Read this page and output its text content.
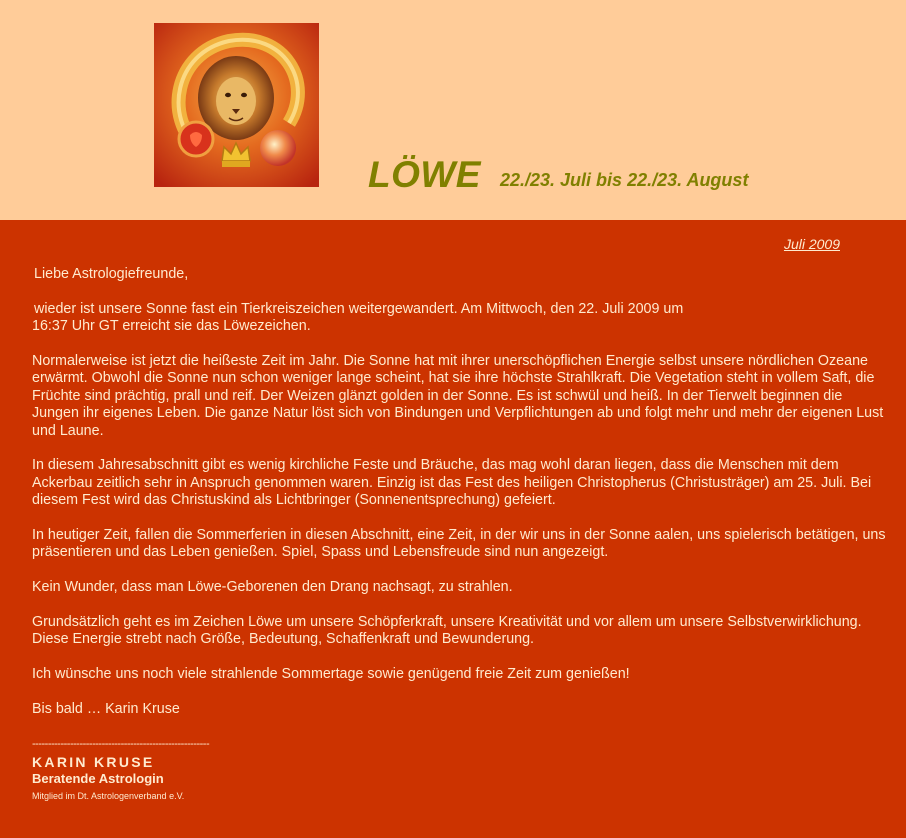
LÖWE 22./23. Juli bis 22./23. August
Juli 2009

Liebe Astrologiefreunde,

wieder ist unsere Sonne fast ein Tierkreiszeichen weitergewandert. Am Mittwoch, den 22. Juli 2009 um

16:37 Uhr GT erreicht sie das Löwezeichen.

Normalerweise ist jetzt die heißeste Zeit im Jahr. Die Sonne hat mit ihrer unerschöpflichen Energie selbst unsere nördlichen Ozeane erwärmt. Obwohl die Sonne nun schon weniger lange scheint, hat sie ihre höchste Strahlkraft. Die Vegetation steht in vollem Saft, die Früchte sind prächtig, prall und reif. Der Weizen glänzt golden in der Sonne. Es ist schwül und heiß. In der Tierwelt beginnen die Jungen ihr eigenes Leben. Die ganze Natur löst sich von Bindungen und Verpflichtungen ab und folgt mehr und mehr der eigenen Lust und Laune.

In diesem Jahresabschnitt gibt es wenig kirchliche Feste und Bräuche, das mag wohl daran liegen, dass die Menschen mit dem Ackerbau zeitlich sehr in Anspruch genommen waren. Einzig ist das Fest des heiligen Christopherus (Christusträger) am 25. Juli. Bei diesem Fest wird das Christuskind als Lichtbringer (Sonnenentsprechung) gefeiert.

In heutiger Zeit, fallen die Sommerferien in diesen Abschnitt, eine Zeit, in der wir uns in der Sonne aalen, uns spielerisch betätigen, uns präsentieren und das Leben genießen. Spiel, Spass und Lebensfreude sind nun angezeigt.

Kein Wunder, dass man Löwe-Geborenen den Drang nachsagt, zu strahlen.

Grundsätzlich geht es im Zeichen Löwe um unsere Schöpferkraft, unsere Kreativität und vor allem um unsere Selbstverwirklichung. Diese Energie strebt nach Größe, Bedeutung, Schaffenkraft und Bewunderung.

Ich wünsche uns noch viele strahlende Sommertage sowie genügend freie Zeit zum genießen!

Bis bald … Karin Kruse

--------------------------------------------------------
KARIN KRUSE
Beratende Astrologin
Mitglied im Dt. Astrologenverband e.V.
